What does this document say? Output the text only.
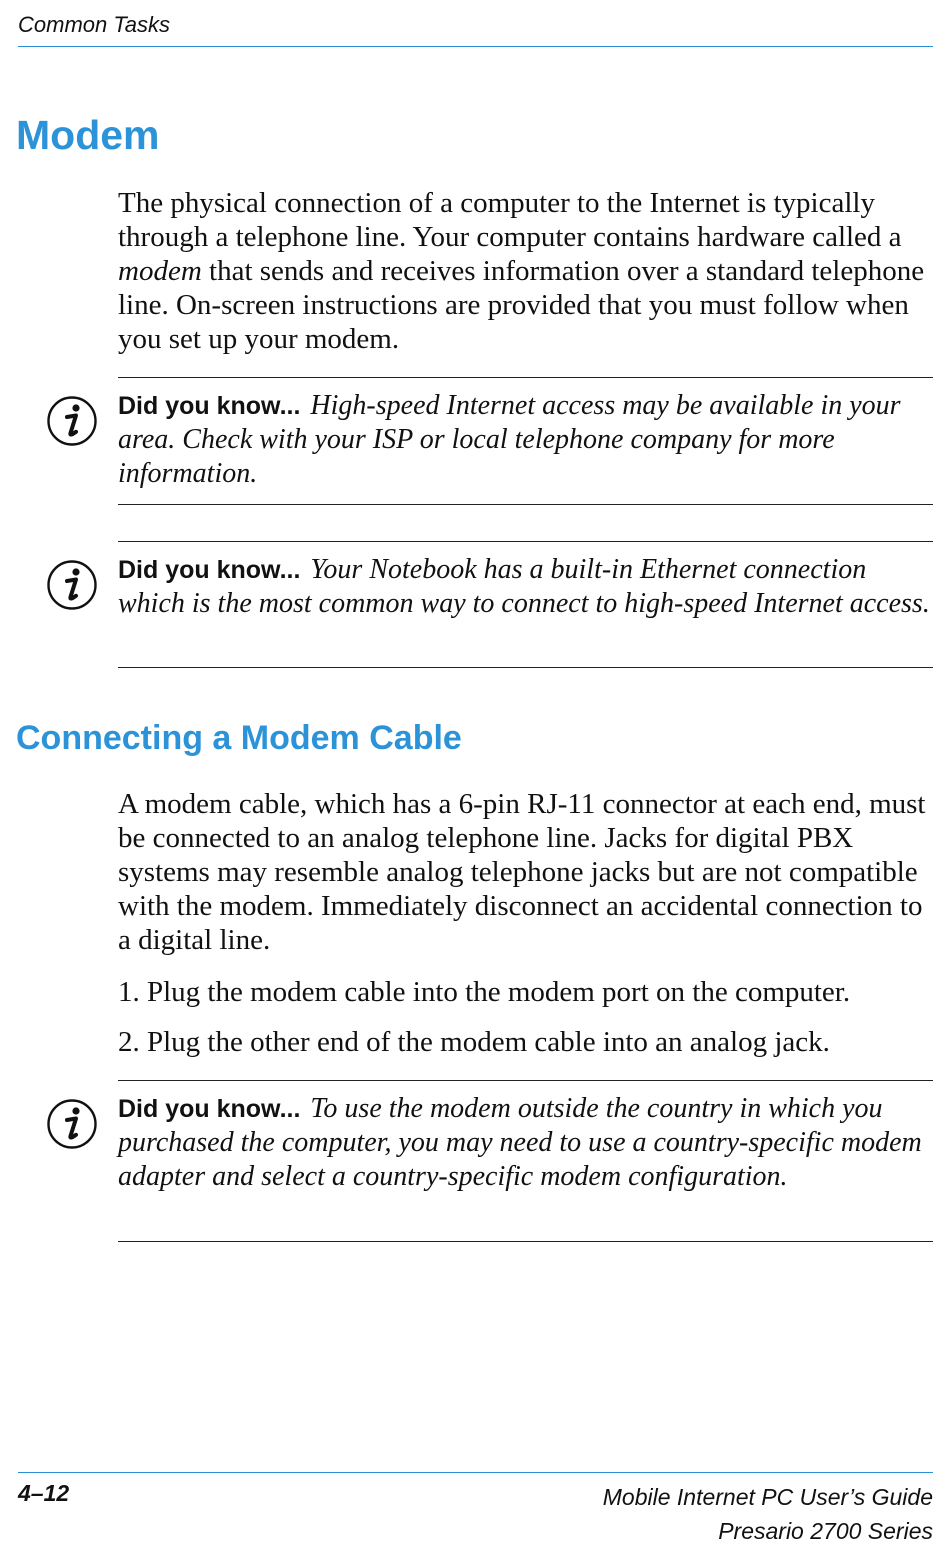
Common Tasks
Modem

The physical connection of a computer to the Internet is typically through a telephone line. Your computer contains hardware called a modem that sends and receives information over a standard telephone line. On-screen instructions are provided that you must follow when you set up your modem.

Did you know... High-speed Internet access may be available in your area. Check with your ISP or local telephone company for more information.
Did you know... Your Notebook has a built-in Ethernet connection which is the most common way to connect to high-speed Internet access.
Connecting a Modem Cable

A modem cable, which has a 6-pin RJ-11 connector at each end, must be connected to an analog telephone line. Jacks for digital PBX systems may resemble analog telephone jacks but are not compatible with the modem. Immediately disconnect an accidental connection to a digital line.

1. Plug the modem cable into the modem port on the computer.

2. Plug the other end of the modem cable into an analog jack.

Did you know... To use the modem outside the country in which you purchased the computer, you may need to use a country-specific modem adapter and select a country-specific modem configuration.
4–12	Mobile Internet PC User’s Guide
Presario 2700 Series
